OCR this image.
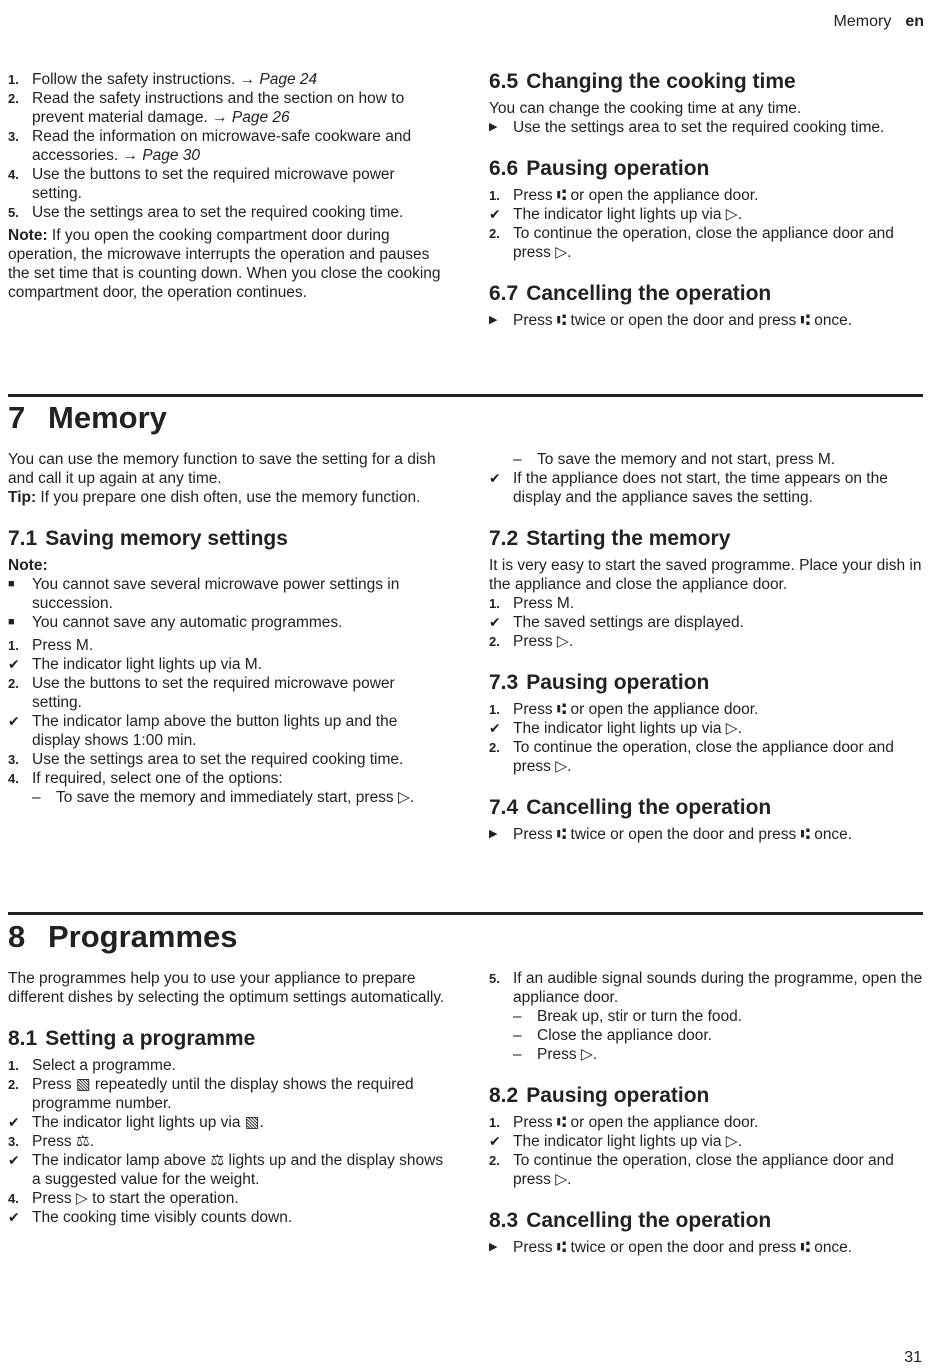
Memory en

1. Follow the safety instructions. → Page 24

2. Read the safety instructions and the section on how to prevent material damage. → Page 26

3. Read the information on microwave-safe cookware and accessories. → Page 30

4. Use the buttons to set the required microwave power setting.

5. Use the settings area to set the required cooking time.

Note: If you open the cooking compartment door during operation, the microwave interrupts the operation and pauses the set time that is counting down. When you close the cooking compartment door, the operation continues.

6.5 Changing the cooking time

You can change the cooking time at any time.

▶ Use the settings area to set the required cooking time.

6.6 Pausing operation

1. Press ⑆ or open the appliance door.

✔ The indicator light lights up via ▷.

2. To continue the operation, close the appliance door and press ▷.

6.7 Cancelling the operation

▶ Press ⑆ twice or open the door and press ⑆ once.

7 Memory

You can use the memory function to save the setting for a dish and call it up again at any time.

Tip: If you prepare one dish often, use the memory function.

7.1 Saving memory settings

Note:

■ You cannot save several microwave power settings in succession.

■ You cannot save any automatic programmes.

1. Press M.

✔ The indicator light lights up via M.

2. Use the buttons to set the required microwave power setting.

✔ The indicator lamp above the button lights up and the display shows 1:00 min.

3. Use the settings area to set the required cooking time.

4. If required, select one of the options:

– To save the memory and immediately start, press ▷.

– To save the memory and not start, press M.

✔ If the appliance does not start, the time appears on the display and the appliance saves the setting.

7.2 Starting the memory

It is very easy to start the saved programme. Place your dish in the appliance and close the appliance door.

1. Press M.

✔ The saved settings are displayed.

2. Press ▷.

7.3 Pausing operation

1. Press ⑆ or open the appliance door.

✔ The indicator light lights up via ▷.

2. To continue the operation, close the appliance door and press ▷.

7.4 Cancelling the operation

▶ Press ⑆ twice or open the door and press ⑆ once.

8 Programmes

The programmes help you to use your appliance to prepare different dishes by selecting the optimum settings automatically.

8.1 Setting a programme

1. Select a programme.

2. Press ▧ repeatedly until the display shows the required programme number.

✔ The indicator light lights up via ▧.

3. Press ⚖.

✔ The indicator lamp above ⚖ lights up and the display shows a suggested value for the weight.

4. Press ▷ to start the operation.

✔ The cooking time visibly counts down.

5. If an audible signal sounds during the programme, open the appliance door.

– Break up, stir or turn the food.

– Close the appliance door.

– Press ▷.

8.2 Pausing operation

1. Press ⑆ or open the appliance door.

✔ The indicator light lights up via ▷.

2. To continue the operation, close the appliance door and press ▷.

8.3 Cancelling the operation

▶ Press ⑆ twice or open the door and press ⑆ once.

31
